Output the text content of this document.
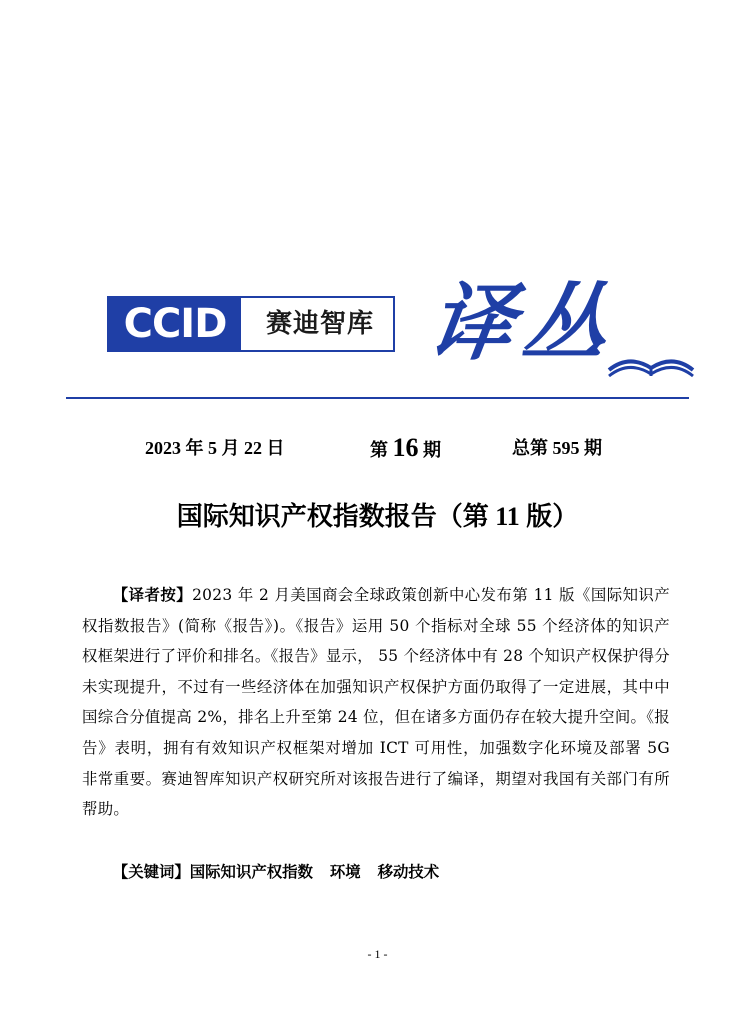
CCID	赛迪智库 译丛
2023 年 5 月 22 日	第 16 期	总第 595 期
国际知识产权指数报告（第 11 版）
【译者按】2023 年 2 月美国商会全球政策创新中心发布第 11 版《国际知识产权指数报告》(简称《报告》)。《报告》运用 50 个指标对全球 55 个经济体的知识产权框架进行了评价和排名。《报告》显示， 55 个经济体中有 28 个知识产权保护得分未实现提升，不过有一些经济体在加强知识产权保护方面仍取得了一定进展，其中中国综合分值提高 2%，排名上升至第 24 位，但在诸多方面仍存在较大提升空间。《报告》表明，拥有有效知识产权框架对增加 ICT 可用性，加强数字化环境及部署 5G 非常重要。赛迪智库知识产权研究所对该报告进行了编译，期望对我国有关部门有所帮助。
【关键词】国际知识产权指数 环境 移动技术
- 1 -
